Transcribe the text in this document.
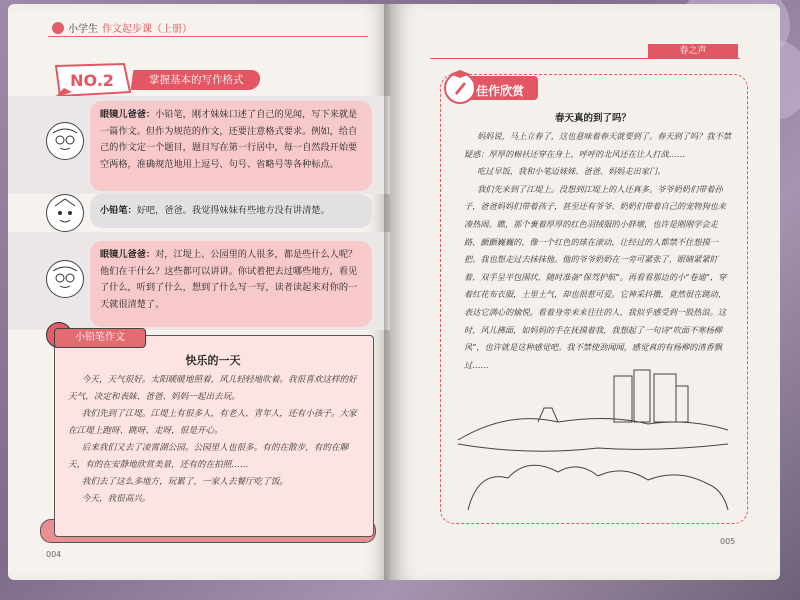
小学生 作文起步课（上册）
NO.2	掌握基本的写作格式
眼镜儿爸爸：小铅笔，刚才妹妹口述了自己的见闻，写下来就是一篇作文。但作为规范的作文，还要注意格式要求。例如，给自己的作文定一个题目，题目写在第一行居中，每一自然段开始要空两格，准确规范地用上逗号、句号、省略号等各种标点。
小铅笔：好吧，爸爸。我觉得妹妹有些地方没有讲清楚。
眼镜儿爸爸：对，江堤上、公园里的人很多，都是些什么人呢？他们在干什么？这些都可以讲讲。你试着把去过哪些地方，看见了什么，听到了什么，想到了什么写一写，读者读起来对你的一天就很清楚了。
小铅笔作文
快乐的一天

今天，天气很好。太阳暖暖地照着，风儿轻轻地吹着。我很喜欢这样的好天气，决定和表妹、爸爸、妈妈一起出去玩。

我们先到了江堤。江堤上有很多人，有老人、青年人，还有小孩子。大家在江堤上跑呀、跳呀、走呀，很是开心。

后来我们又去了凌霄湖公园。公园里人也很多。有的在散步，有的在聊天，有的在安静地欣赏美景，还有的在拍照……

我们去了这么多地方，玩累了，一家人去餐厅吃了饭。

今天，我很高兴。

004
春之声
佳作欣赏
春天真的到了吗？

妈妈说，马上立春了，这也意味着春天就要到了。春天到了吗？我不禁疑惑：厚厚的棉袄还穿在身上，呼呼的北风还在让人打战……

吃过早饭，我和小笔迈妹妹、爸爸、妈妈走出家门。

我们先来到了江堤上。没想到江堤上的人还真多。爷爷奶奶们带着孙子，爸爸妈妈们带着孩子，甚至还有爷爷、奶奶们带着自己的宠物狗也来凑热闹。瞧，那个裹着厚厚的红色羽绒服的小胖墩，也许是刚刚学会走路，颤颤巍巍的，像一个红色的球在滚动，让经过的人都禁不住想摸一把。我也想走过去抹抹他。他的爷爷奶奶在一旁可紧张了，眼睛紧紧盯着，双手呈半包围状，随时准备“保驾护航”。再看看那边的小“卷迪”，穿着红花布衣服，土里土气，却也很惹可爱。它神采抖擞，竟然很在跳动，表达它满心的愉悦。看着身旁来来往往的人，我似乎感受到一股热浪。这时，风儿拂面，如妈妈的手在抚摸着我，我想起了一句诗“吹面不寒杨柳风”，也许就是这种感觉吧。我不禁使劲闻闻，感觉真的有杨柳的清香飘过……

005
